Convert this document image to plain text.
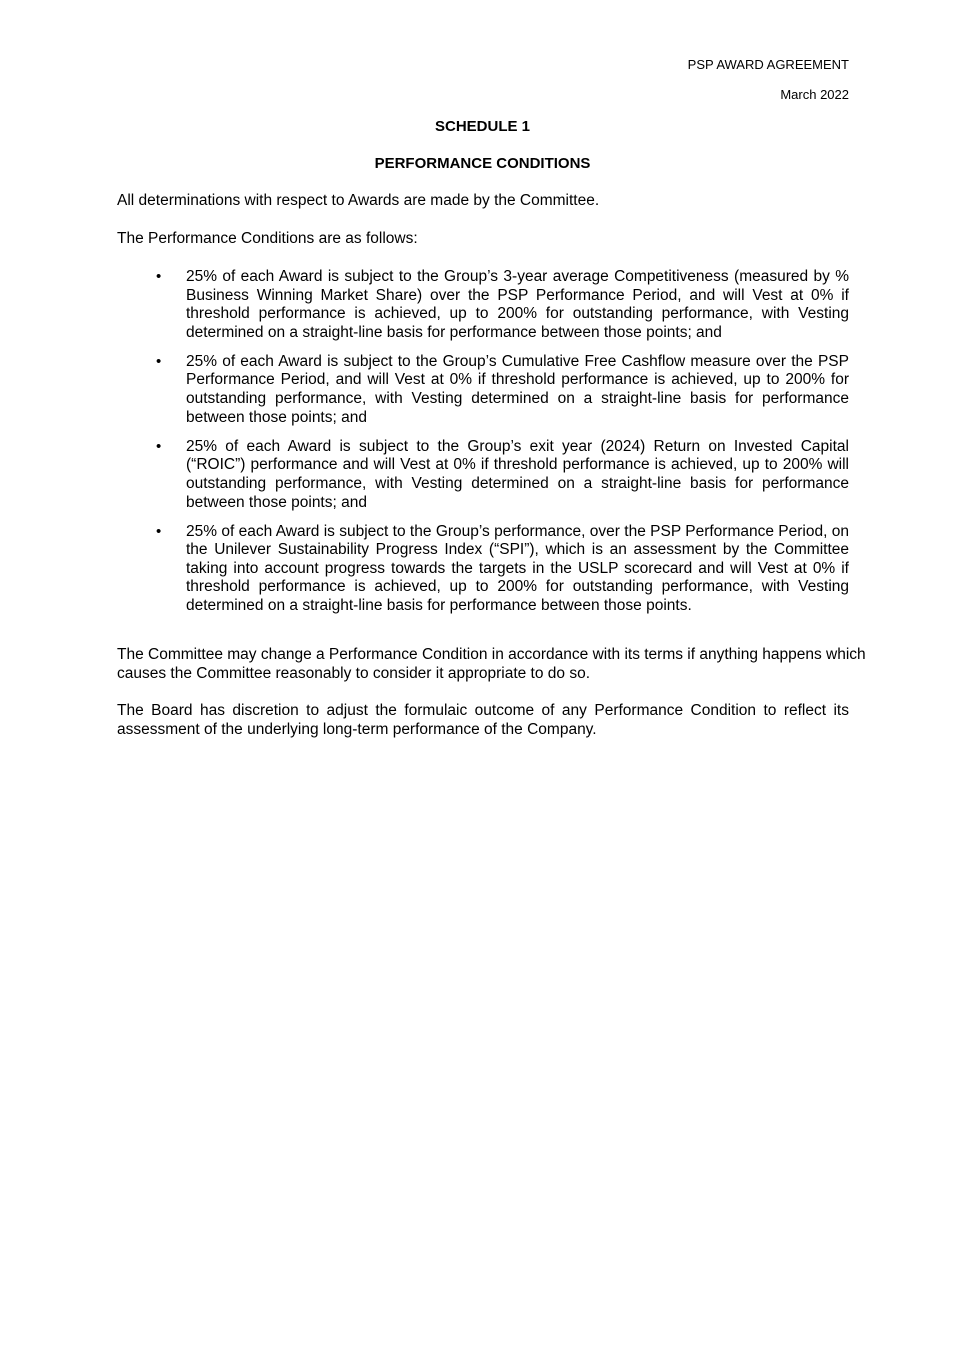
PSP AWARD AGREEMENT
March 2022
SCHEDULE 1
PERFORMANCE CONDITIONS

All determinations with respect to Awards are made by the Committee.

The Performance Conditions are as follows:

• 25% of each Award is subject to the Group’s 3-year average Competitiveness (measured by % Business Winning Market Share) over the PSP Performance Period, and will Vest at 0% if threshold performance is achieved, up to 200% for outstanding performance, with Vesting determined on a straight-line basis for performance between those points; and
• 25% of each Award is subject to the Group’s Cumulative Free Cashflow measure over the PSP Performance Period, and will Vest at 0% if threshold performance is achieved, up to 200% for outstanding performance, with Vesting determined on a straight-line basis for performance between those points; and
• 25% of each Award is subject to the Group’s exit year (2024) Return on Invested Capital (“ROIC”) performance and will Vest at 0% if threshold performance is achieved, up to 200% will outstanding performance, with Vesting determined on a straight-line basis for performance between those points; and
• 25% of each Award is subject to the Group’s performance, over the PSP Performance Period, on the Unilever Sustainability Progress Index (“SPI”), which is an assessment by the Committee taking into account progress towards the targets in the USLP scorecard and will Vest at 0% if threshold performance is achieved, up to 200% for outstanding performance, with Vesting determined on a straight-line basis for performance between those points.

The Committee may change a Performance Condition in accordance with its terms if anything happens which causes the Committee reasonably to consider it appropriate to do so.

The Board has discretion to adjust the formulaic outcome of any Performance Condition to reflect its assessment of the underlying long-term performance of the Company.
